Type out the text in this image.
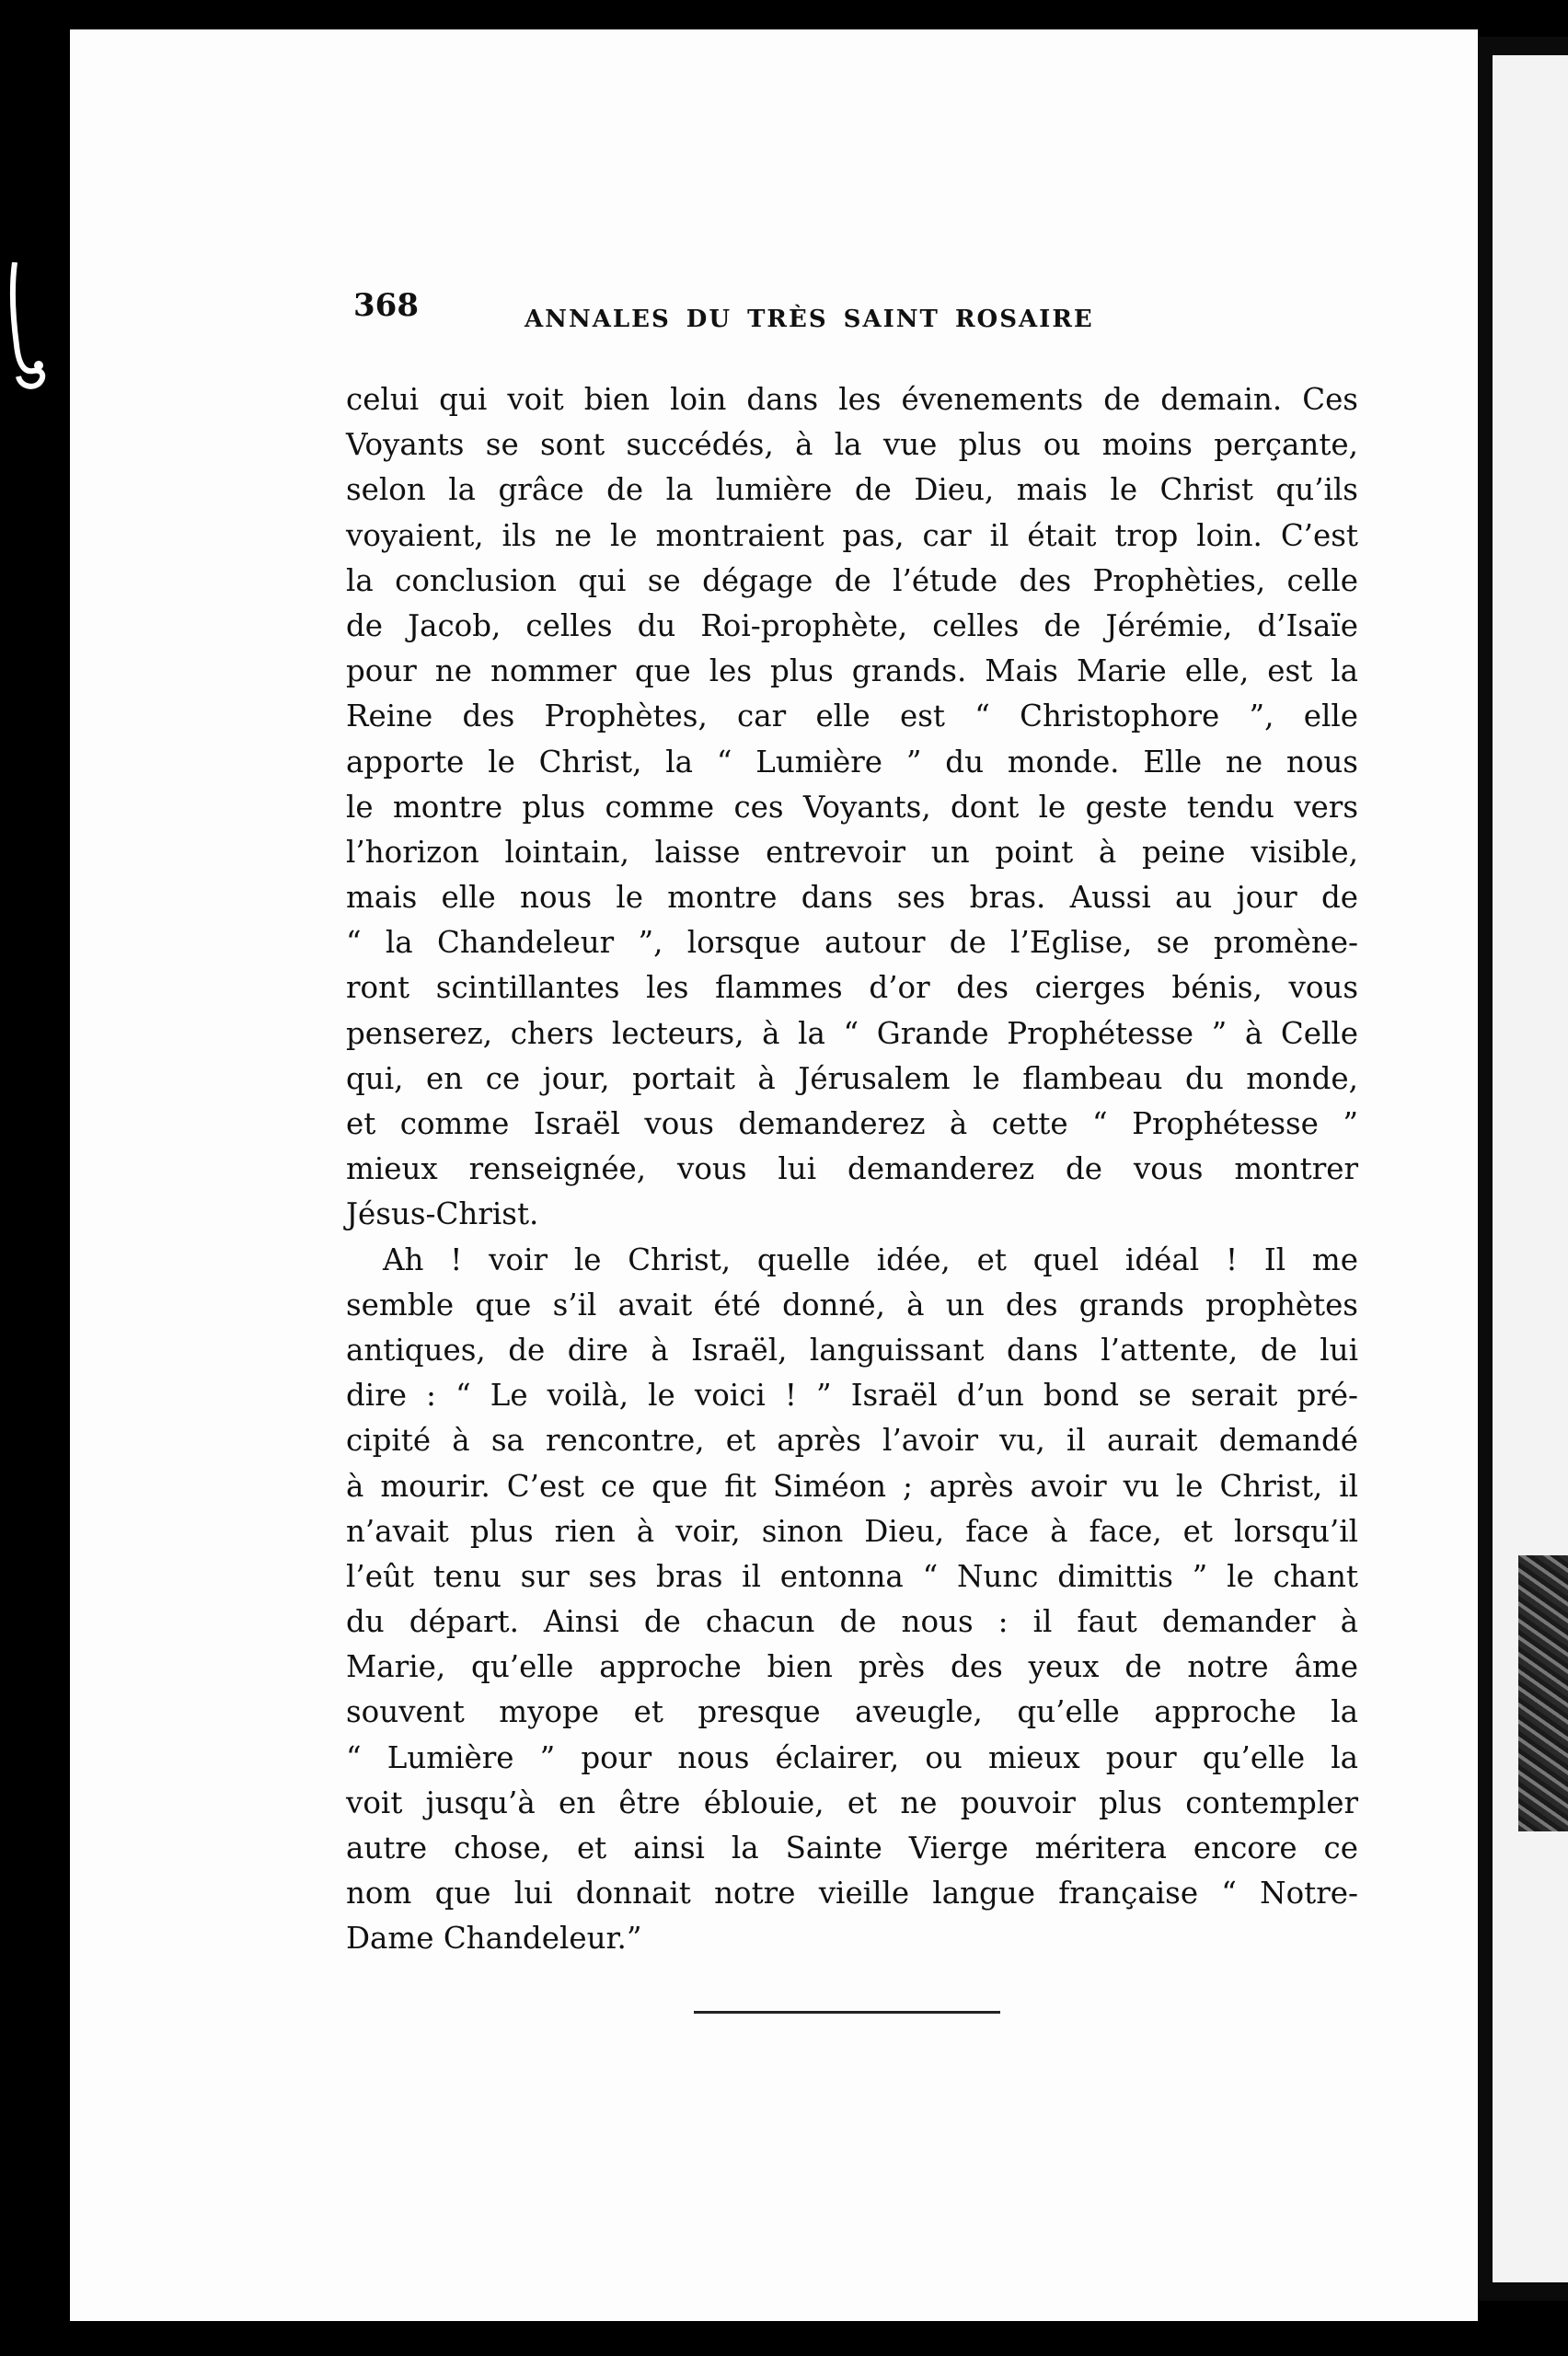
368	ANNALES DU TRÈS SAINT ROSAIRE
celui qui voit bien loin dans les évenements de demain. Ces
Voyants se sont succédés, à la vue plus ou moins perçante,
selon la grâce de la lumière de Dieu, mais le Christ qu’ils
voyaient, ils ne le montraient pas, car il était trop loin. C’est
la conclusion qui se dégage de l’étude des Prophèties, celle
de Jacob, celles du Roi-prophète, celles de Jérémie, d’Isaïe
pour ne nommer que les plus grands. Mais Marie elle, est la
Reine des Prophètes, car elle est “ Christophore ”, elle
apporte le Christ, la “ Lumière ” du monde. Elle ne nous
le montre plus comme ces Voyants, dont le geste tendu vers
l’horizon lointain, laisse entrevoir un point à peine visible,
mais elle nous le montre dans ses bras. Aussi au jour de
“ la Chandeleur ”, lorsque autour de l’Eglise, se promène-
ront scintillantes les flammes d’or des cierges bénis, vous
penserez, chers lecteurs, à la “ Grande Prophétesse ” à Celle
qui, en ce jour, portait à Jérusalem le flambeau du monde,
et comme Israël vous demanderez à cette “ Prophétesse ”
mieux renseignée, vous lui demanderez de vous montrer
Jésus-Christ.
Ah ! voir le Christ, quelle idée, et quel idéal ! Il me
semble que s’il avait été donné, à un des grands prophètes
antiques, de dire à Israël, languissant dans l’attente, de lui
dire : “ Le voilà, le voici ! ” Israël d’un bond se serait pré-
cipité à sa rencontre, et après l’avoir vu, il aurait demandé
à mourir. C’est ce que fit Siméon ; après avoir vu le Christ, il
n’avait plus rien à voir, sinon Dieu, face à face, et lorsqu’il
l’eût tenu sur ses bras il entonna “ Nunc dimittis ” le chant
du départ. Ainsi de chacun de nous : il faut demander à
Marie, qu’elle approche bien près des yeux de notre âme
souvent myope et presque aveugle, qu’elle approche la
“ Lumière ” pour nous éclairer, ou mieux pour qu’elle la
voit jusqu’à en être éblouie, et ne pouvoir plus contempler
autre chose, et ainsi la Sainte Vierge méritera encore ce
nom que lui donnait notre vieille langue française “ Notre-
Dame Chandeleur.”
